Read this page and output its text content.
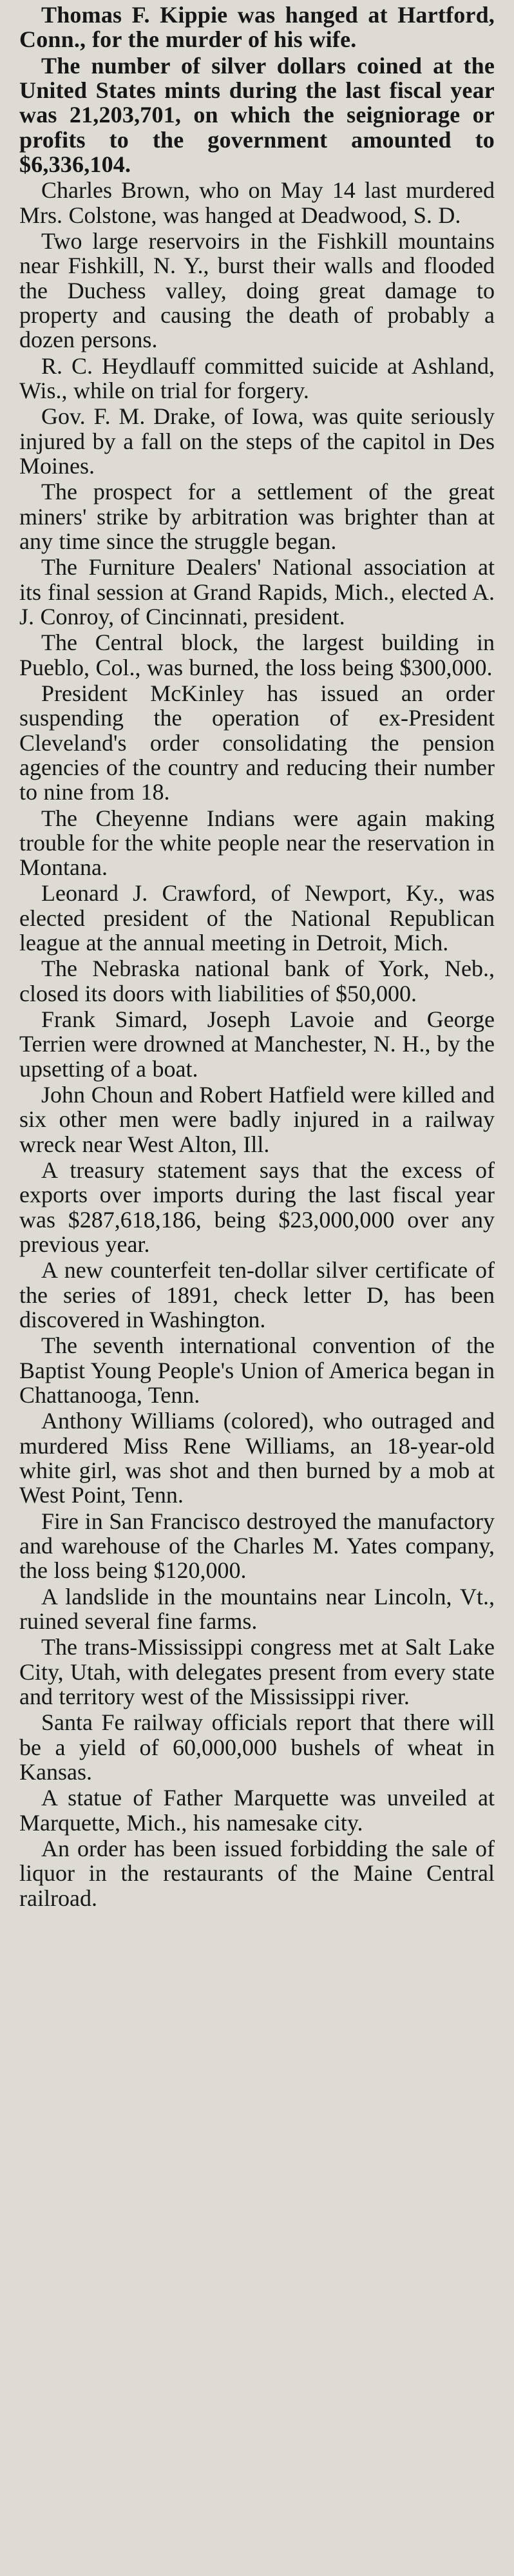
Thomas F. Kippie was hanged at Hartford, Conn., for the murder of his wife.

The number of silver dollars coined at the United States mints during the last fiscal year was 21,203,701, on which the seigniorage or profits to the government amounted to $6,336,104.

Charles Brown, who on May 14 last murdered Mrs. Colstone, was hanged at Deadwood, S. D.

Two large reservoirs in the Fishkill mountains near Fishkill, N. Y., burst their walls and flooded the Duchess valley, doing great damage to property and causing the death of probably a dozen persons.

R. C. Heydlauff committed suicide at Ashland, Wis., while on trial for forgery.

Gov. F. M. Drake, of Iowa, was quite seriously injured by a fall on the steps of the capitol in Des Moines.

The prospect for a settlement of the great miners' strike by arbitration was brighter than at any time since the struggle began.

The Furniture Dealers' National association at its final session at Grand Rapids, Mich., elected A. J. Conroy, of Cincinnati, president.

The Central block, the largest building in Pueblo, Col., was burned, the loss being $300,000.

President McKinley has issued an order suspending the operation of ex-President Cleveland's order consolidating the pension agencies of the country and reducing their number to nine from 18.

The Cheyenne Indians were again making trouble for the white people near the reservation in Montana.

Leonard J. Crawford, of Newport, Ky., was elected president of the National Republican league at the annual meeting in Detroit, Mich.

The Nebraska national bank of York, Neb., closed its doors with liabilities of $50,000.

Frank Simard, Joseph Lavoie and George Terrien were drowned at Manchester, N. H., by the upsetting of a boat.

John Choun and Robert Hatfield were killed and six other men were badly injured in a railway wreck near West Alton, Ill.

A treasury statement says that the excess of exports over imports during the last fiscal year was $287,618,186, being $23,000,000 over any previous year.

A new counterfeit ten-dollar silver certificate of the series of 1891, check letter D, has been discovered in Washington.

The seventh international convention of the Baptist Young People's Union of America began in Chattanooga, Tenn.

Anthony Williams (colored), who outraged and murdered Miss Rene Williams, an 18-year-old white girl, was shot and then burned by a mob at West Point, Tenn.

Fire in San Francisco destroyed the manufactory and warehouse of the Charles M. Yates company, the loss being $120,000.

A landslide in the mountains near Lincoln, Vt., ruined several fine farms.

The trans-Mississippi congress met at Salt Lake City, Utah, with delegates present from every state and territory west of the Mississippi river.

Santa Fe railway officials report that there will be a yield of 60,000,000 bushels of wheat in Kansas.

A statue of Father Marquette was unveiled at Marquette, Mich., his namesake city.

An order has been issued forbidding the sale of liquor in the restaurants of the Maine Central railroad.
